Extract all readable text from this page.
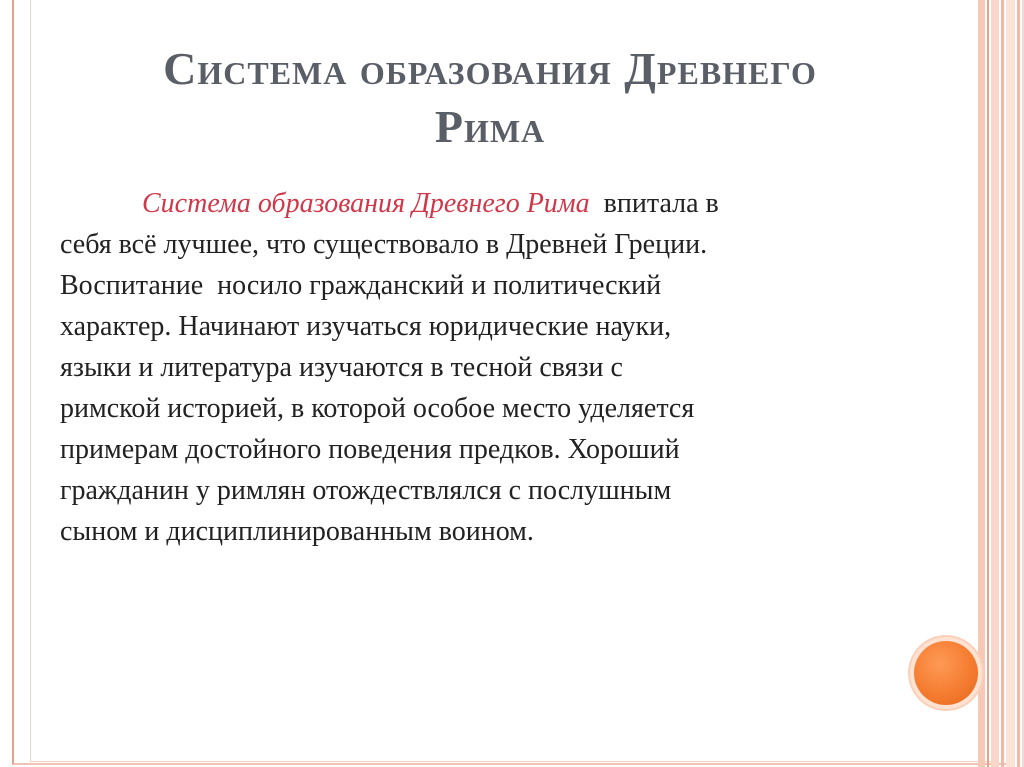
Система образования Древнего
Рима
Система образования Древнего Рима  впитала в
себя всё лучшее, что существовало в Древней Греции.
Воспитание  носило гражданский и политический
характер. Начинают изучаться юридические науки,
языки и литература изучаются в тесной связи с
римской историей, в которой особое место уделяется
примерам достойного поведения предков. Хороший
гражданин у римлян отождествлялся с послушным
сыном и дисциплинированным воином.
